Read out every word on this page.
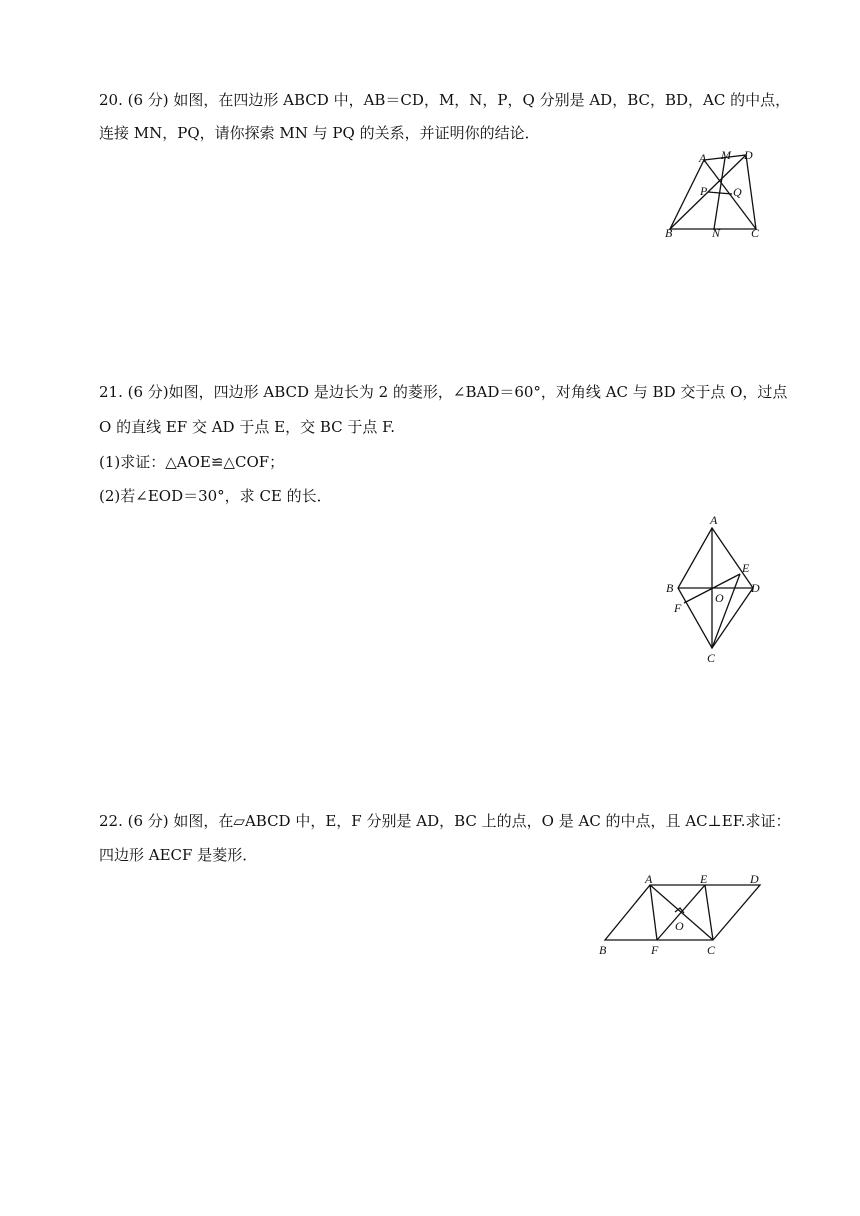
20. (6 分) 如图，在四边形 ABCD 中，AB＝CD，M，N，P，Q 分别是 AD，BC，BD，AC 的中点，
连接 MN，PQ，请你探索 MN 与 PQ 的关系，并证明你的结论．
A M D
P Q
B	N	C
21. (6 分)如图，四边形 ABCD 是边长为 2 的菱形，∠BAD＝60°，对角线 AC 与 BD 交于点 O，过点
O 的直线 EF 交 AD 于点 E，交 BC 于点 F.
(1)求证：△AOE≌△COF；
(2)若∠EOD＝30°，求 CE 的长．
A
B
E
D
O
F
C
22. (6 分) 如图，在▱ABCD 中，E，F 分别是 AD，BC 上的点，O 是 AC 的中点，且 AC⊥EF.求证：
四边形 AECF 是菱形．
A	E	D
O
B	F	C
